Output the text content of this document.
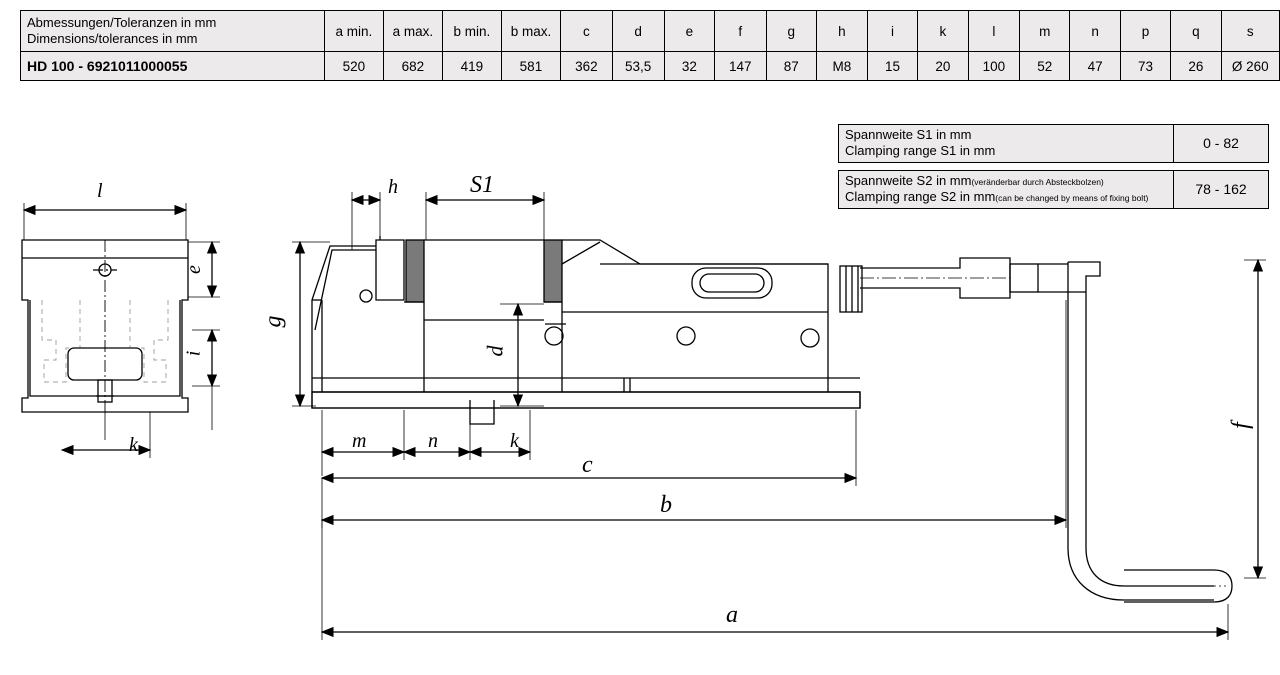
Abmessungen/Toleranzen in mm
Dimensions/tolerances in mm	a min.	a max.	b min.	b max.	c	d	e	f	g	h	i	k	l	m	n	p	q	s
HD 100 - 6921011000055	520	682	419	581	362	53,5	32	147	87	M8	15	20	100	52	47	73	26	Ø 260
Spannweite S1 in mm
Clamping range S1 in mm	0 - 82
Spannweite S2 in mm(veränderbar durch Absteckbolzen)
Clamping range S2 in mm(can be changed by means of fixing bolt)	78 - 162
l
e
i
k
h	S1
g
d
m	n	k
c
b
a
f
